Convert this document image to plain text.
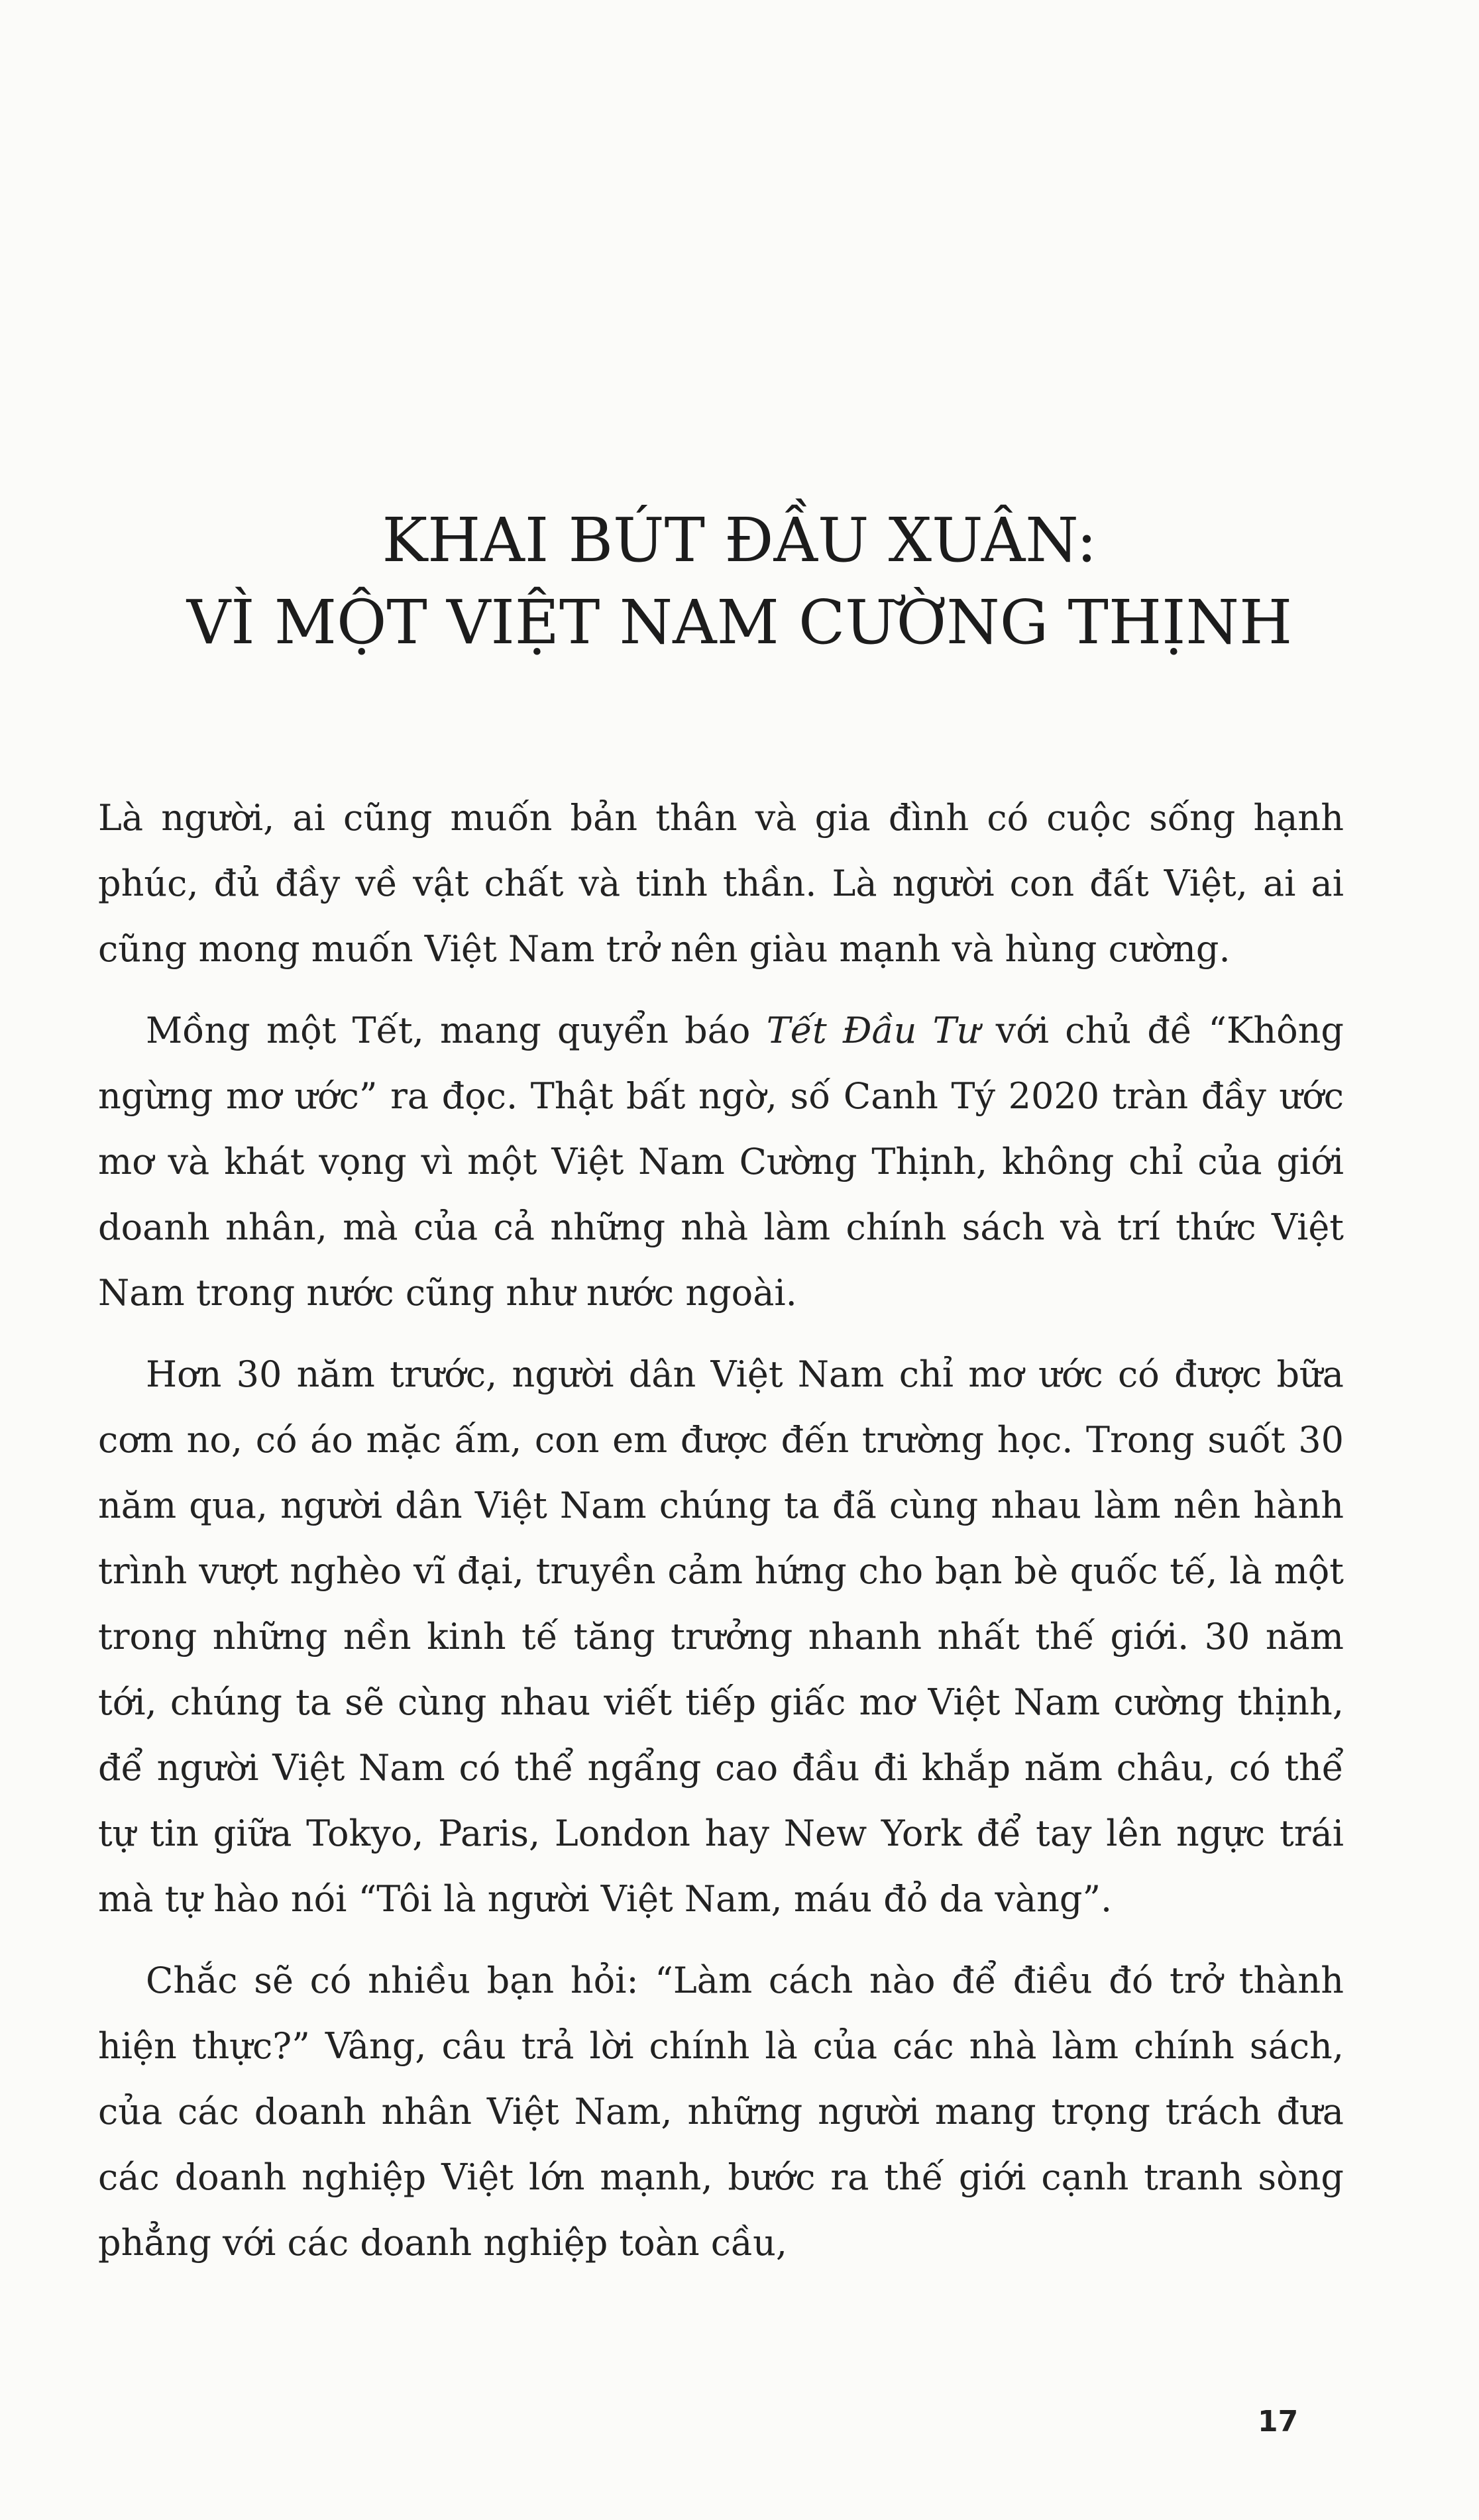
KHAI BÚT ĐẦU XUÂN:
VÌ MỘT VIỆT NAM CƯỜNG THỊNH

Là người, ai cũng muốn bản thân và gia đình có cuộc sống hạnh phúc, đủ đầy về vật chất và tinh thần. Là người con đất Việt, ai ai cũng mong muốn Việt Nam trở nên giàu mạnh và hùng cường.

Mồng một Tết, mang quyển báo Tết Đầu Tư với chủ đề “Không ngừng mơ ước” ra đọc. Thật bất ngờ, số Canh Tý 2020 tràn đầy ước mơ và khát vọng vì một Việt Nam Cường Thịnh, không chỉ của giới doanh nhân, mà của cả những nhà làm chính sách và trí thức Việt Nam trong nước cũng như nước ngoài.

Hơn 30 năm trước, người dân Việt Nam chỉ mơ ước có được bữa cơm no, có áo mặc ấm, con em được đến trường học. Trong suốt 30 năm qua, người dân Việt Nam chúng ta đã cùng nhau làm nên hành trình vượt nghèo vĩ đại, truyền cảm hứng cho bạn bè quốc tế, là một trong những nền kinh tế tăng trưởng nhanh nhất thế giới. 30 năm tới, chúng ta sẽ cùng nhau viết tiếp giấc mơ Việt Nam cường thịnh, để người Việt Nam có thể ngẩng cao đầu đi khắp năm châu, có thể tự tin giữa Tokyo, Paris, London hay New York để tay lên ngực trái mà tự hào nói “Tôi là người Việt Nam, máu đỏ da vàng”.

Chắc sẽ có nhiều bạn hỏi: “Làm cách nào để điều đó trở thành hiện thực?” Vâng, câu trả lời chính là của các nhà làm chính sách, của các doanh nhân Việt Nam, những người mang trọng trách đưa các doanh nghiệp Việt lớn mạnh, bước ra thế giới cạnh tranh sòng phẳng với các doanh nghiệp toàn cầu,

17
